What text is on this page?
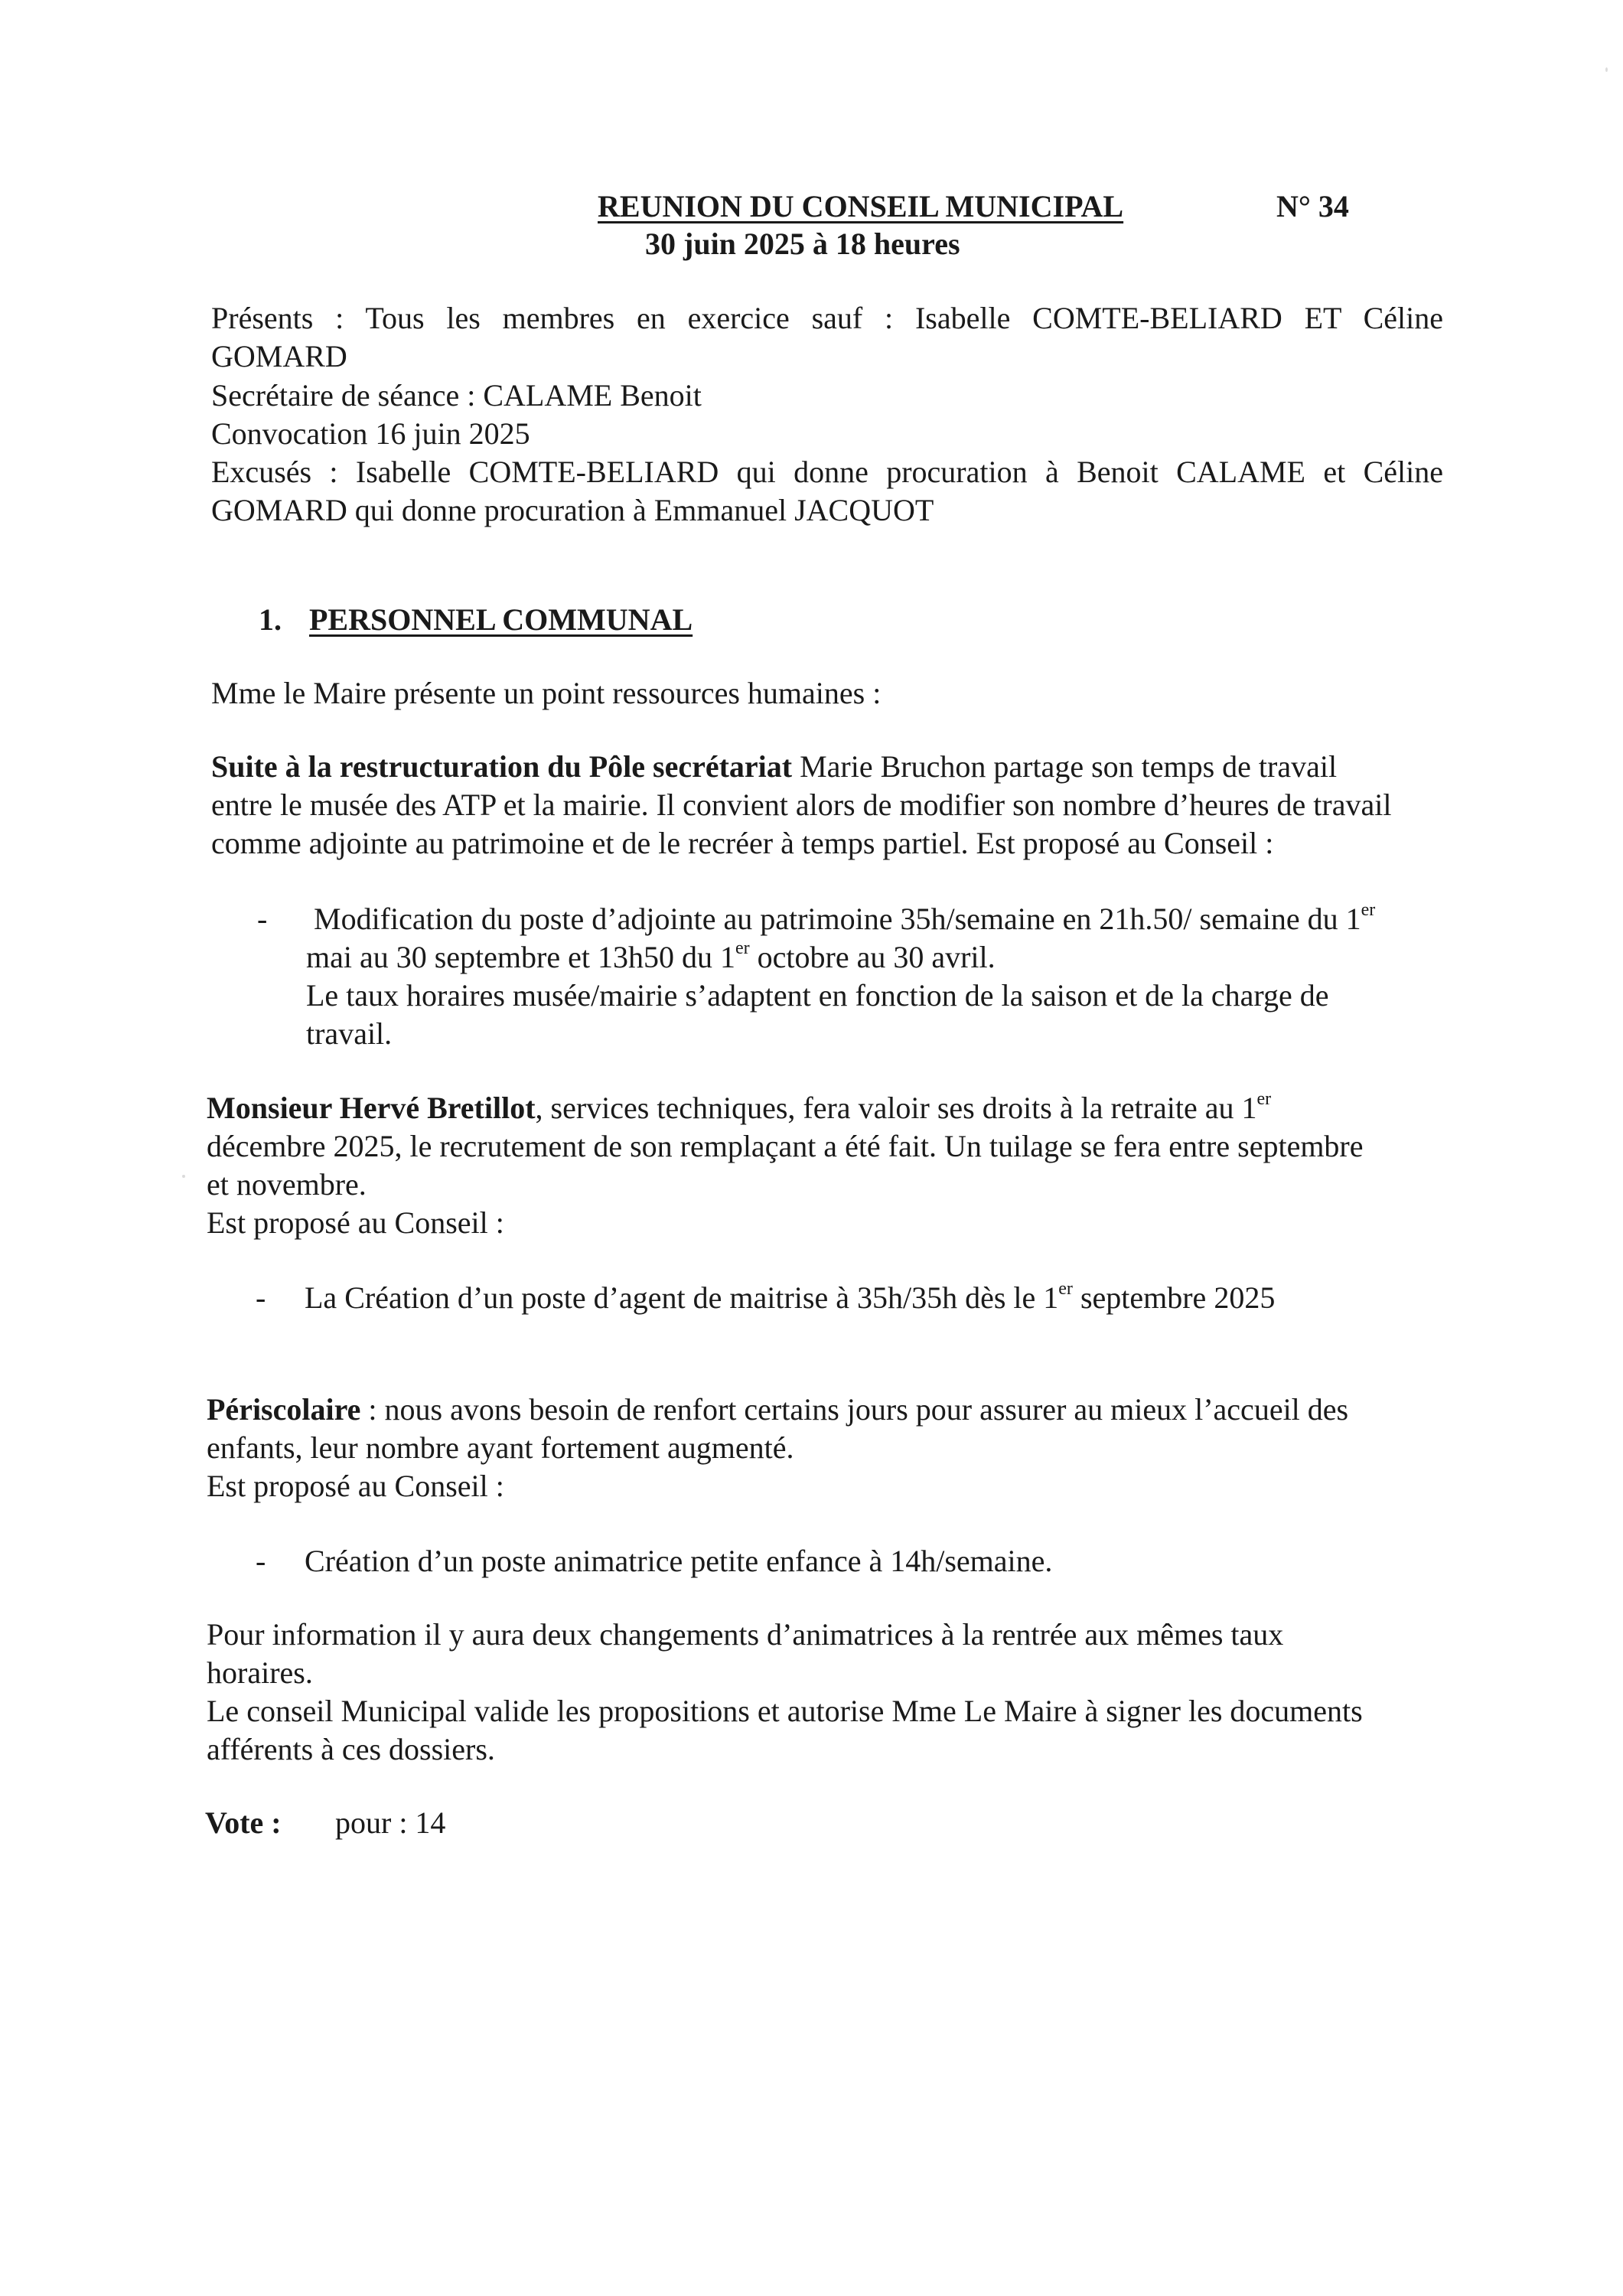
REUNION DU CONSEIL MUNICIPAL	N° 34
30 juin 2025 à 18 heures
Présents : Tous les membres en exercice sauf : Isabelle COMTE-BELIARD ET Céline
GOMARD
Secrétaire de séance : CALAME Benoit
Convocation 16 juin 2025
Excusés : Isabelle COMTE-BELIARD qui donne procuration à Benoit CALAME et Céline
GOMARD qui donne procuration à Emmanuel JACQUOT
1. PERSONNEL COMMUNAL
Mme le Maire présente un point ressources humaines :
Suite à la restructuration du Pôle secrétariat Marie Bruchon partage son temps de travail
entre le musée des ATP et la mairie. Il convient alors de modifier son nombre d’heures de travail
comme adjointe au patrimoine et de le recréer à temps partiel. Est proposé au Conseil :
- Modification du poste d’adjointe au patrimoine 35h/semaine en 21h.50/ semaine du 1er
mai au 30 septembre et 13h50 du 1er octobre au 30 avril.
Le taux horaires musée/mairie s’adaptent en fonction de la saison et de la charge de
travail.
Monsieur Hervé Bretillot, services techniques, fera valoir ses droits à la retraite au 1er
décembre 2025, le recrutement de son remplaçant a été fait. Un tuilage se fera entre septembre
et novembre.
Est proposé au Conseil :
- La Création d’un poste d’agent de maitrise à 35h/35h dès le 1er septembre 2025
Périscolaire : nous avons besoin de renfort certains jours pour assurer au mieux l’accueil des
enfants, leur nombre ayant fortement augmenté.
Est proposé au Conseil :
- Création d’un poste animatrice petite enfance à 14h/semaine.
Pour information il y aura deux changements d’animatrices à la rentrée aux mêmes taux
horaires.
Le conseil Municipal valide les propositions et autorise Mme Le Maire à signer les documents
afférents à ces dossiers.
Vote : pour : 14
